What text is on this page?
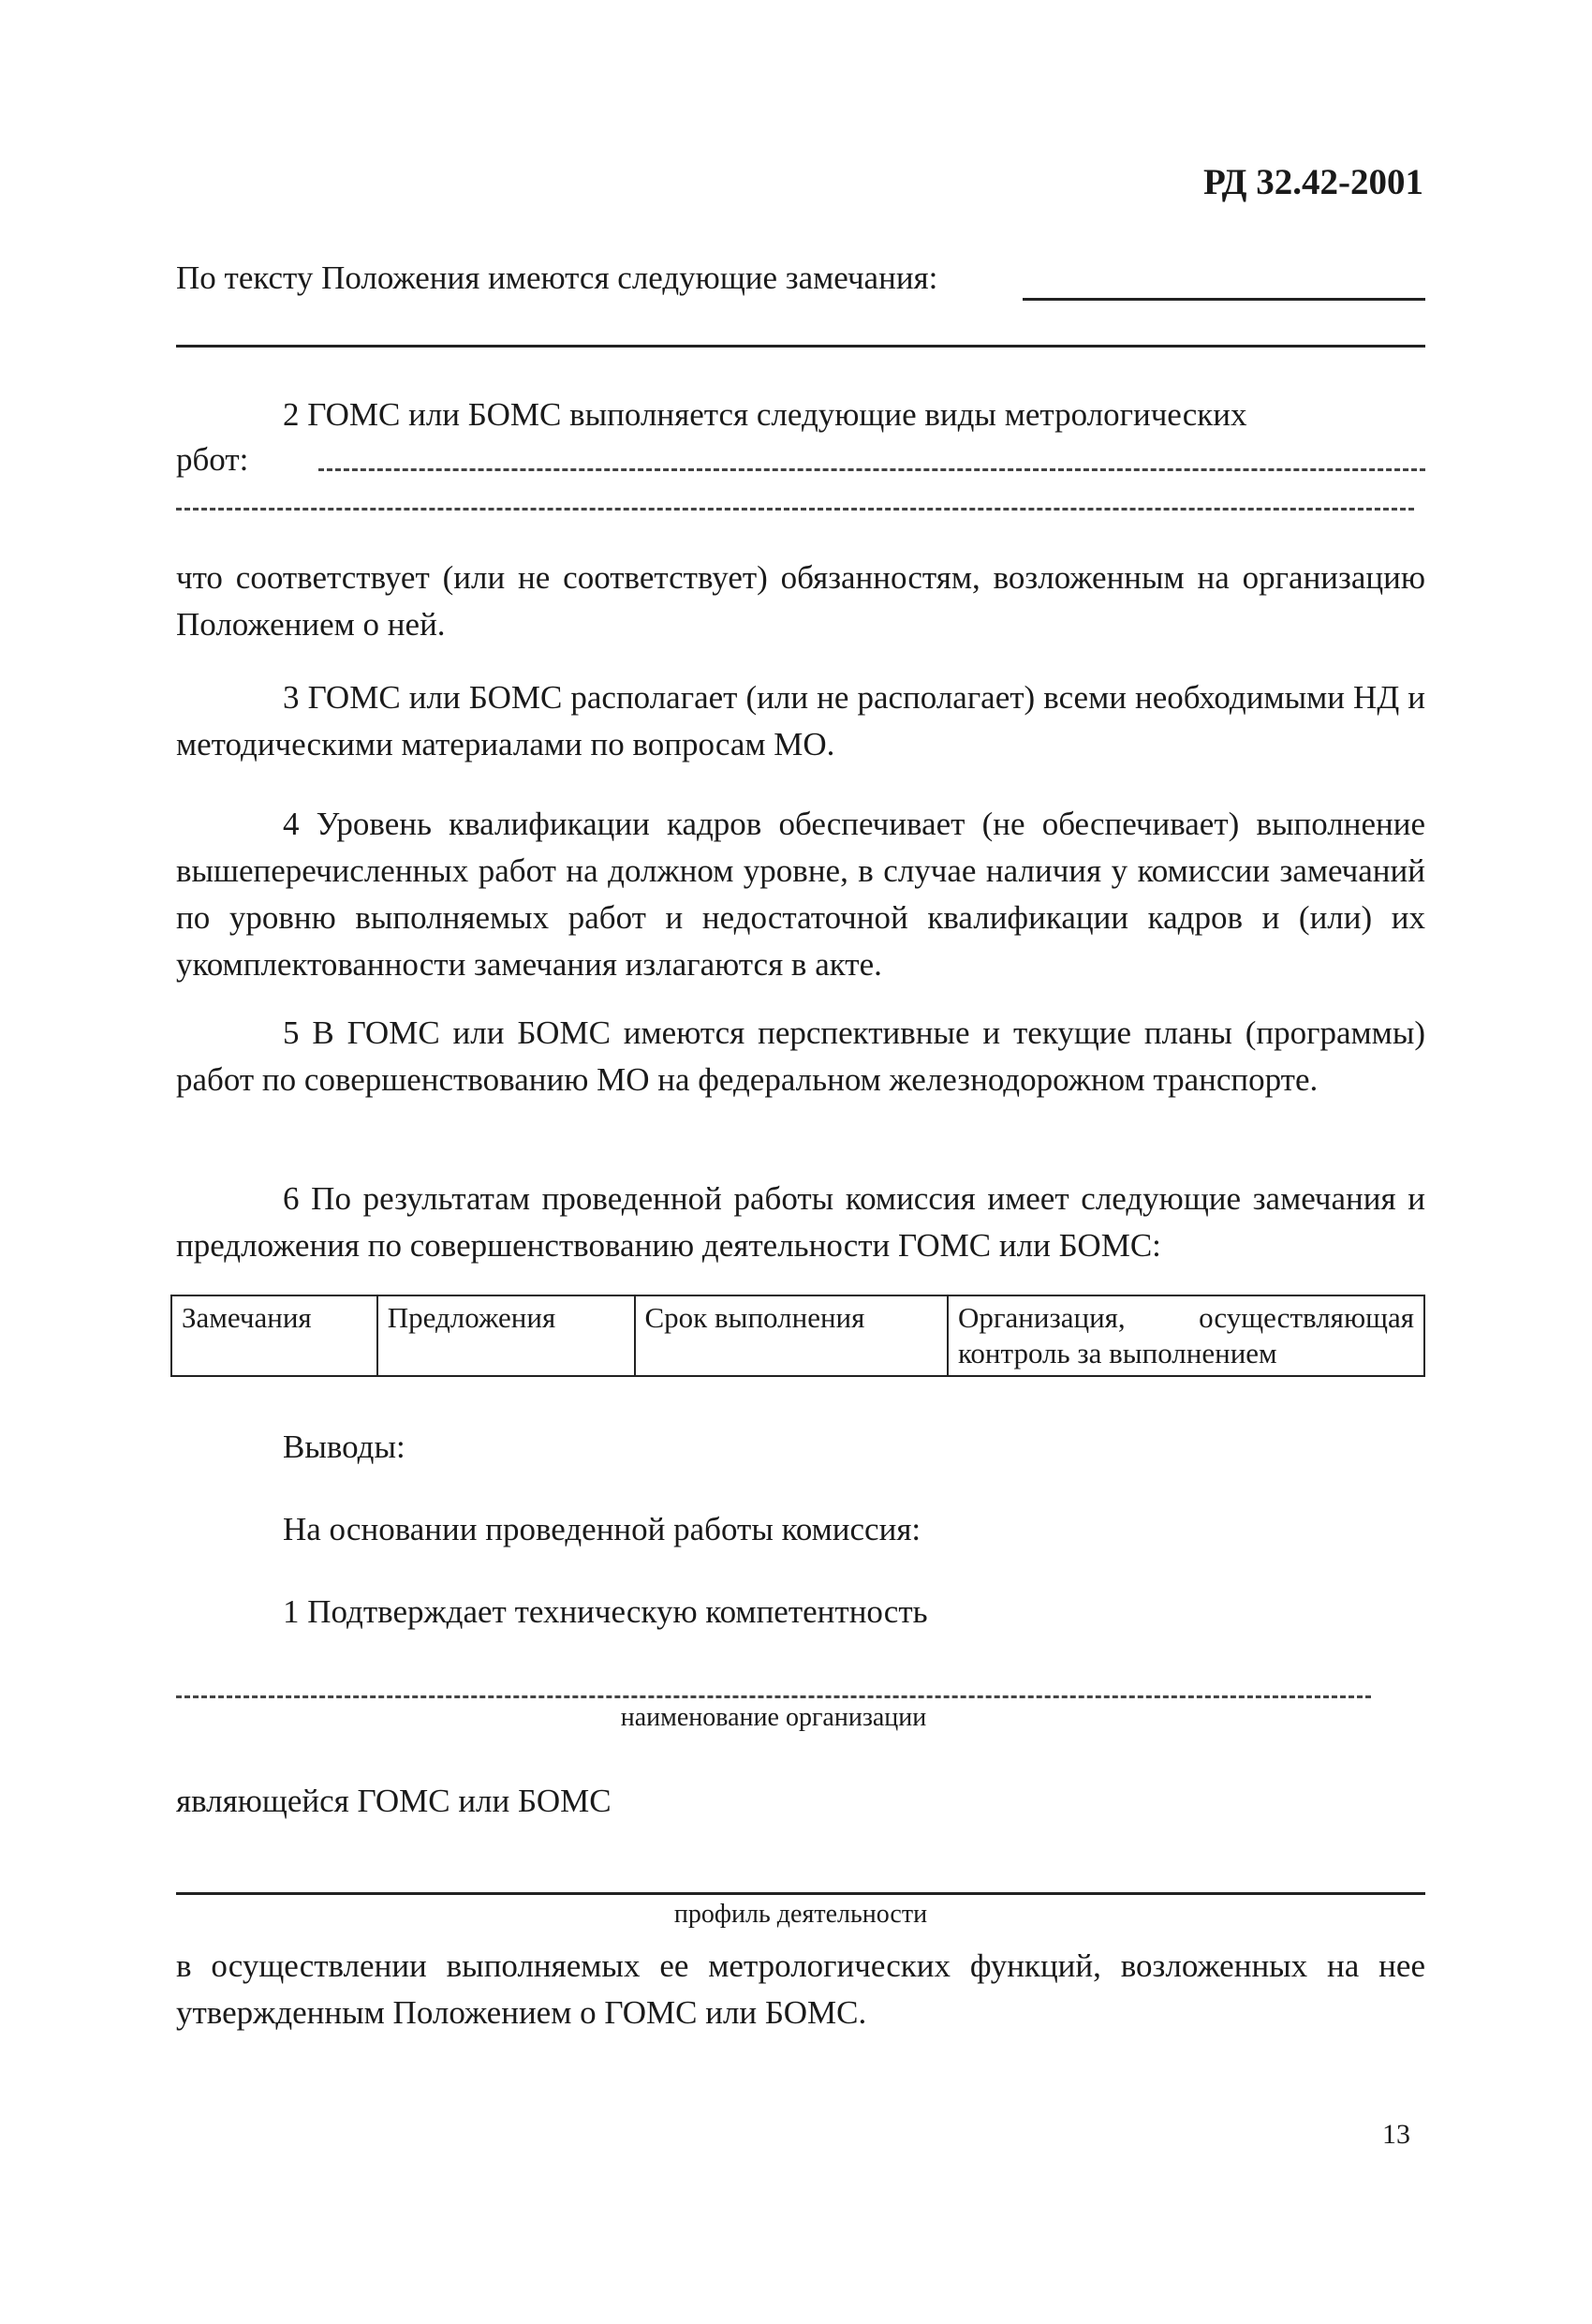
РД 32.42-2001
По тексту Положения имеются следующие замечания:
2 ГОМС или БОМС выполняется следующие виды метрологических
рбот:
что соответствует (или не соответствует) обязанностям, возложенным на организацию Положением о ней.
3 ГОМС или БОМС располагает (или не располагает) всеми необходимыми НД и методическими материалами по вопросам МО.
4 Уровень квалификации кадров обеспечивает (не обеспечивает) выполнение вышеперечисленных работ на должном уровне, в случае наличия у комиссии замечаний по уровню выполняемых работ и недостаточной квалификации кадров и (или) их укомплектованности замечания излагаются в акте.
5 В ГОМС или БОМС имеются перспективные и текущие планы (программы) работ по совершенствованию МО на федеральном железнодорожном транспорте.
6 По результатам проведенной работы комиссия имеет следующие замечания и предложения по совершенствованию деятельности ГОМС или БОМС:
Замечания	Предложения	Срок выполнения	Организация, осуществляющая контроль за выполнением
Выводы:
На основании проведенной работы комиссия:
1 Подтверждает техническую компетентность
наименование организации
являющейся ГОМС или БОМС
профиль деятельности
в осуществлении выполняемых ее метрологических функций, возложенных на нее утвержденным Положением о ГОМС или БОМС.
13
